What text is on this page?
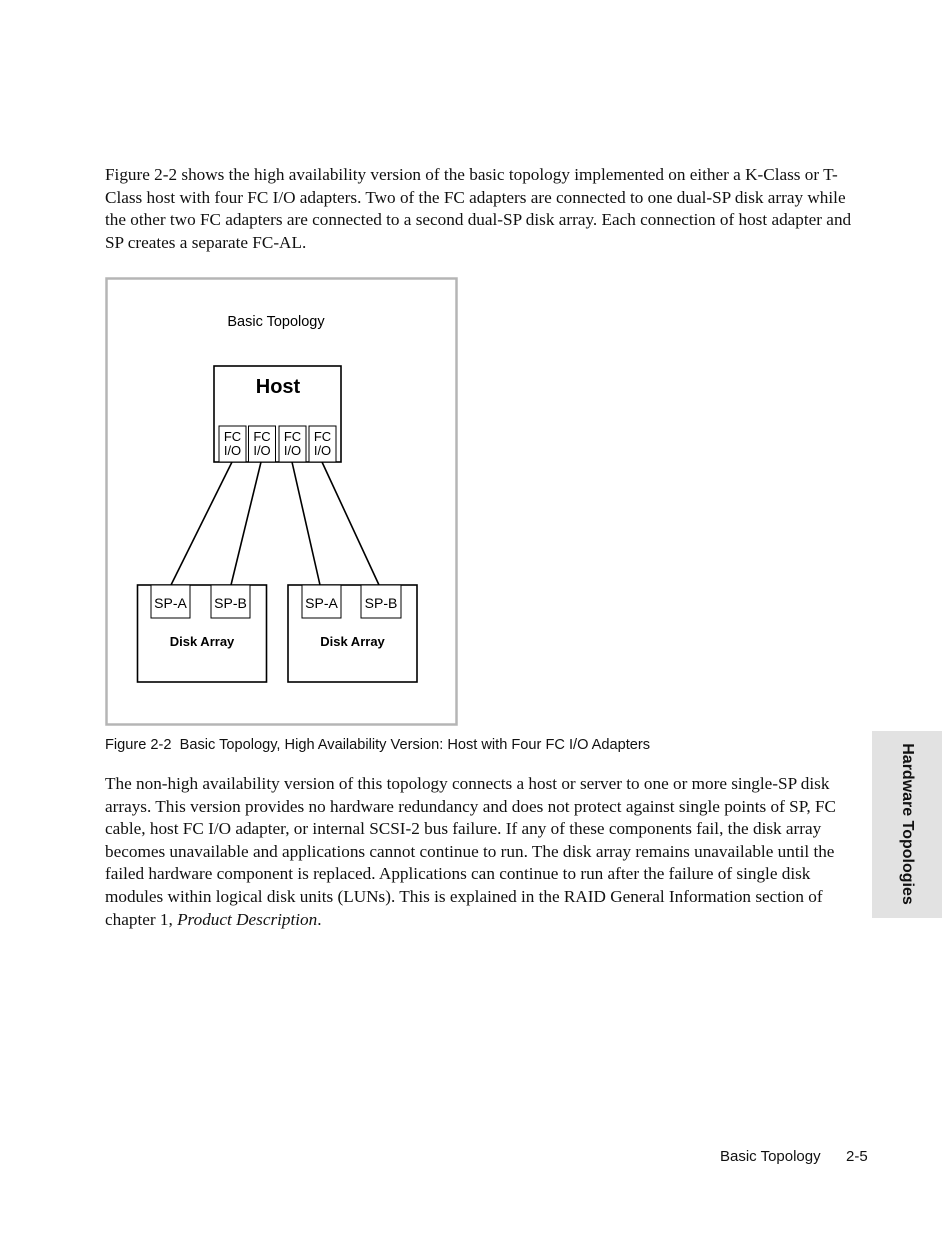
Figure 2-2 shows the high availability version of the basic topology implemented on either a K-Class or T-Class host with four FC I/O adapters. Two of the FC adapters are connected to one dual-SP disk array while the other two FC adapters are connected to a second dual-SP disk array. Each connection of host adapter and SP creates a separate FC-AL.

Basic Topology
Host
FC
I/O
FC
I/O
FC
I/O
FC
I/O
SP-A SP-B
Disk Array
SP-A SP-B
Disk Array
Figure 2-2  Basic Topology, High Availability Version: Host with Four FC I/O Adapters

The non-high availability version of this topology connects a host or server to one or more single-SP disk arrays. This version provides no hardware redundancy and does not protect against single points of SP, FC cable, host FC I/O adapter, or internal SCSI-2 bus failure. If any of these components fail, the disk array becomes unavailable and applications cannot continue to run. The disk array remains unavailable until the failed hardware component is replaced. Applications can continue to run after the failure of single disk modules within logical disk units (LUNs). This is explained in the RAID General Information section of chapter 1, Product Description.

Hardware Topologies
Basic Topology 2-5
